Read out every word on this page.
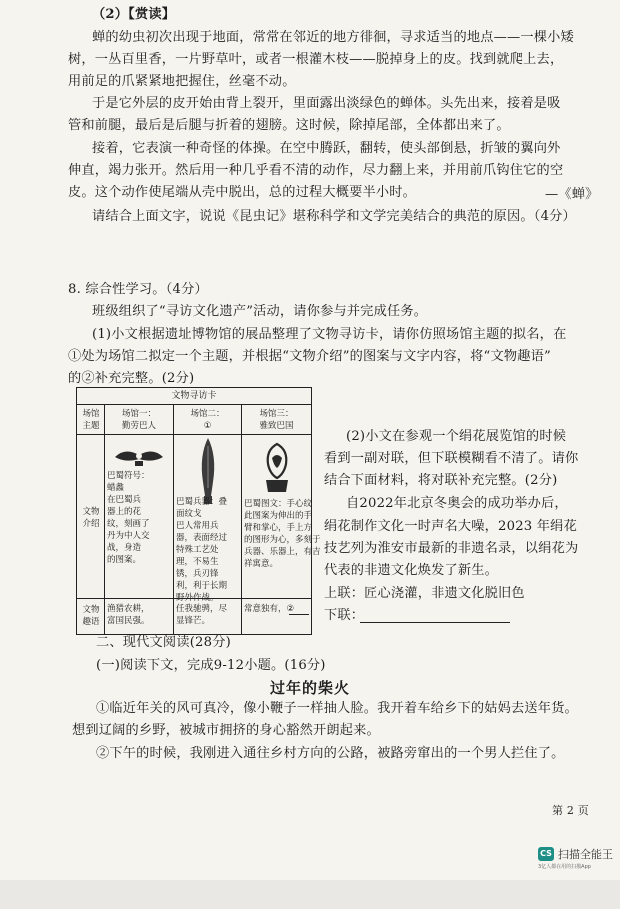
（2）【赏读】
蝉的幼虫初次出现于地面，常常在邻近的地方徘徊，寻求适当的地点——一棵小矮
树，一丛百里香，一片野草叶，或者一根灌木枝——脱掉身上的皮。找到就爬上去，
用前足的爪紧紧地把握住，丝毫不动。
于是它外层的皮开始由背上裂开，里面露出淡绿色的蝉体。头先出来，接着是吸
管和前腿，最后是后腿与折着的翅膀。这时候，除掉尾部，全体都出来了。
接着，它表演一种奇怪的体操。在空中腾跃，翻转，使头部倒悬，折皱的翼向外
伸直，竭力张开。然后用一种几乎看不清的动作，尽力翻上来，并用前爪钩住它的空
皮。这个动作使尾端从壳中脱出，总的过程大概要半小时。	—《蝉》
请结合上面文字，说说《昆虫记》堪称科学和文学完美结合的典范的原因。（4分）
8. 综合性学习。（4分）
班级组织了“寻访文化遗产”活动，请你参与并完成任务。
(1)小文根据遗址博物馆的展品整理了文物寻访卡，请你仿照场馆主题的拟名，在
①处为场馆二拟定一个主题，并根据“文物介绍”的图案与文字内容，将“文物趣语”
的②补充完整。(2分)
文物寻访卡
场馆
主题
文物
介绍
文物
趣语
场馆一：
勤劳巴人
场馆二：
①
场馆三：
雅致巴国
巴蜀符号：
蜡蠡
在巴蜀兵
器上的花
纹，刻画了
丹为中人交
战，身造
的图案。
巴蜀兵器：叠
面纹戈
巴人常用兵
器，表面经过
特殊工艺处
理，不易生
锈，兵刃锋
利，利于长期
野外作战。
巴蜀图文：手心纹
此图案为伸出的手
臂和掌心，手上方
的图形为心，多刻于
兵器、乐器上，有吉
祥寓意。
渔猎农耕，
富国民强。
任我驰骋，尽
显锋芒。
常意独有，②
(2)小文在参观一个绢花展览馆的时候
看到一副对联，但下联模糊看不清了。请你
结合下面材料，将对联补充完整。(2分)
自2022年北京冬奥会的成功举办后，
绢花制作文化一时声名大噪，2023 年绢花
技艺列为淮安市最新的非遗名录，以绢花为
代表的非遗文化焕发了新生。
上联：匠心浇灌，非遗文化脱旧色
下联：
二、现代文阅读(28分)
(一)阅读下文，完成9-12小题。(16分)
过年的柴火
①临近年关的风可真冷，像小鞭子一样抽人脸。我开着车给乡下的姑妈去送年货。
想到辽阔的乡野，被城市拥挤的身心豁然开朗起来。
②下午的时候，我刚进入通往乡村方向的公路，被路旁窜出的一个男人拦住了。
第 2 页
CS 扫描全能王
3亿人都在用的扫描App
